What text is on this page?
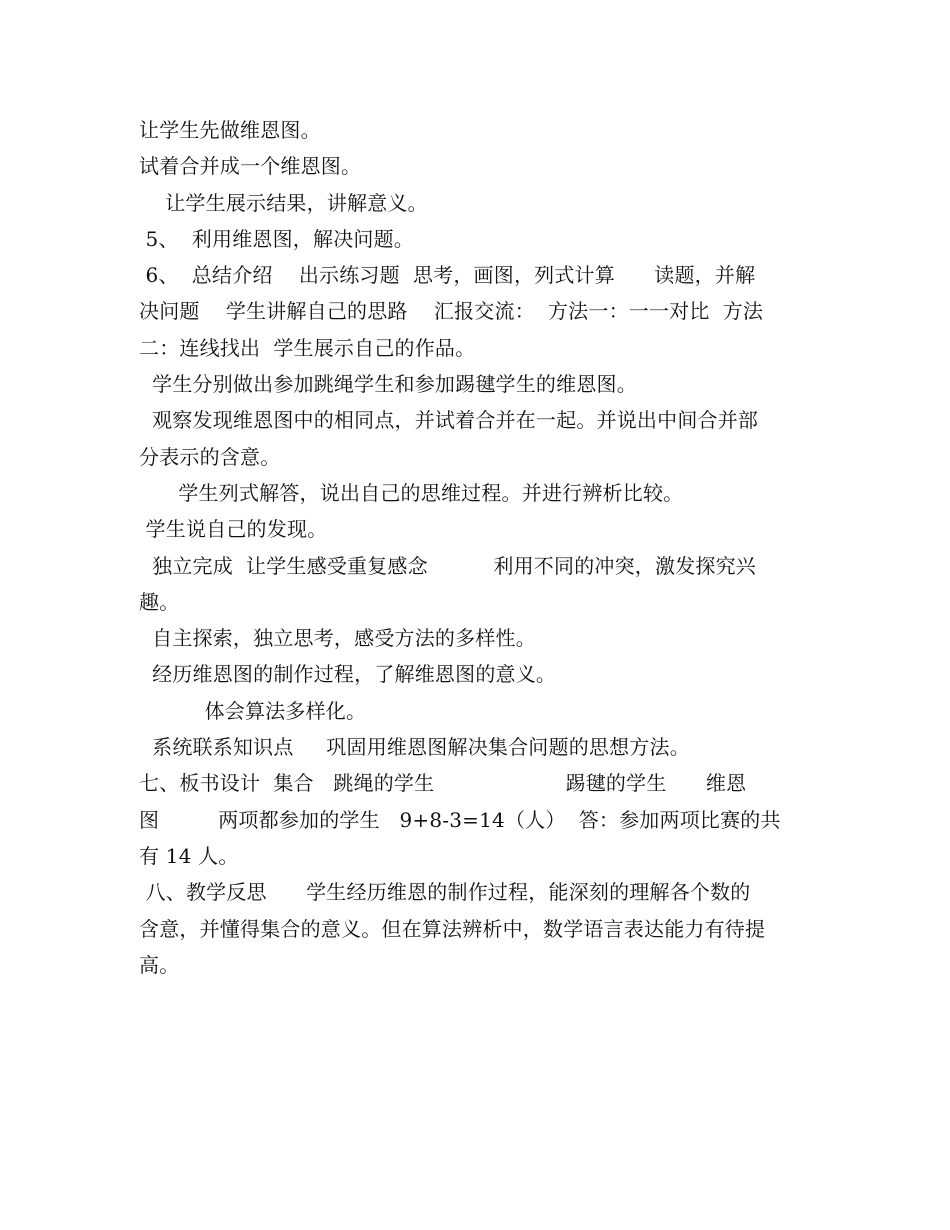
让学生先做维恩图。
试着合并成一个维恩图。
让学生展示结果，讲解意义。
5、  利用维恩图，解决问题。
6、  总结介绍    出示练习题  思考，画图，列式计算      读题，并解
决问题    学生讲解自己的思路    汇报交流：  方法一：一一对比  方法
二：连线找出  学生展示自己的作品。
学生分别做出参加跳绳学生和参加踢毽学生的维恩图。
观察发现维恩图中的相同点，并试着合并在一起。并说出中间合并部
分表示的含意。
学生列式解答，说出自己的思维过程。并进行辨析比较。
学生说自己的发现。
独立完成  让学生感受重复感念          利用不同的冲突，激发探究兴
趣。
自主探索，独立思考，感受方法的多样性。
经历维恩图的制作过程，了解维恩图的意义。
体会算法多样化。
系统联系知识点     巩固用维恩图解决集合问题的思想方法。
七、板书设计  集合   跳绳的学生                    踢毽的学生      维恩
图         两项都参加的学生   9+8-3=14（人）  答：参加两项比赛的共
有 14 人。
八、教学反思      学生经历维恩的制作过程，能深刻的理解各个数的
含意，并懂得集合的意义。但在算法辨析中，数学语言表达能力有待提
高。
